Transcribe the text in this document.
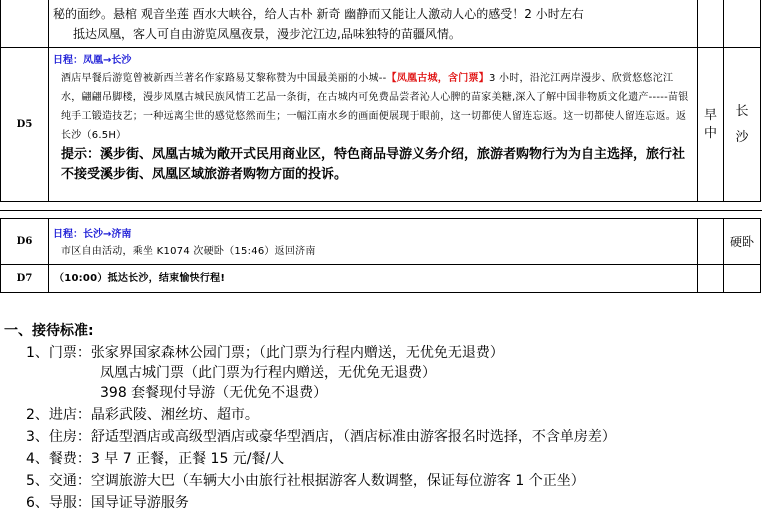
	秘的面纱。悬棺 观音坐莲 酉水大峡谷，给人古朴 新奇 幽静而又能让人激动人心的感受！2 小时左右
抵达凤凰，客人可自由游览凤凰夜景，漫步沱江边,品味独特的苗疆风情。		

D5	日程：凤凰→长沙
酒店早餐后游览曾被新西兰著名作家路易艾黎称赞为中国最美丽的小城--【凤凰古城，含门票】3 小时，沿沱江两岸漫步、欣赏悠悠沱江水，翩翩吊脚楼，漫步凤凰古城民族风情工艺品一条街，在古城内可免费品尝者沁人心脾的苗家美糖,深入了解中国非物质文化遗产-----苗银纯手工锻造技艺；一种远离尘世的感觉悠然而生；一幅江南水乡的画面便展现于眼前，这一切都使人留连忘返。这一切都使人留连忘返。返长沙（6.5H）
提示：溪步街、凤凰古城为敞开式民用商业区，特色商品导游义务介绍，旅游者购物行为为自主选择，旅行社不接受溪步街、凤凰区域旅游者购物方面的投诉。	早中	长沙
D6	日程：长沙→济南
市区自由活动，乘坐 K1074 次硬卧（15:46）返回济南		硬卧
D7	（10:00）抵达长沙，结束愉快行程!		

一、接待标准:
1、门票：张家界国家森林公园门票；（此门票为行程内赠送，无优免无退费）
凤凰古城门票（此门票为行程内赠送，无优免无退费）
398 套餐现付导游（无优免不退费）
2、进店：晶彩武陵、湘丝坊、超市。
3、住房：舒适型酒店或高级型酒店或豪华型酒店，（酒店标准由游客报名时选择，不含单房差）
4、餐费：3 早 7 正餐，正餐 15 元/餐/人
5、交通：空调旅游大巴（车辆大小由旅行社根据游客人数调整，保证每位游客 1 个正坐）
6、导服：国导证导游服务
